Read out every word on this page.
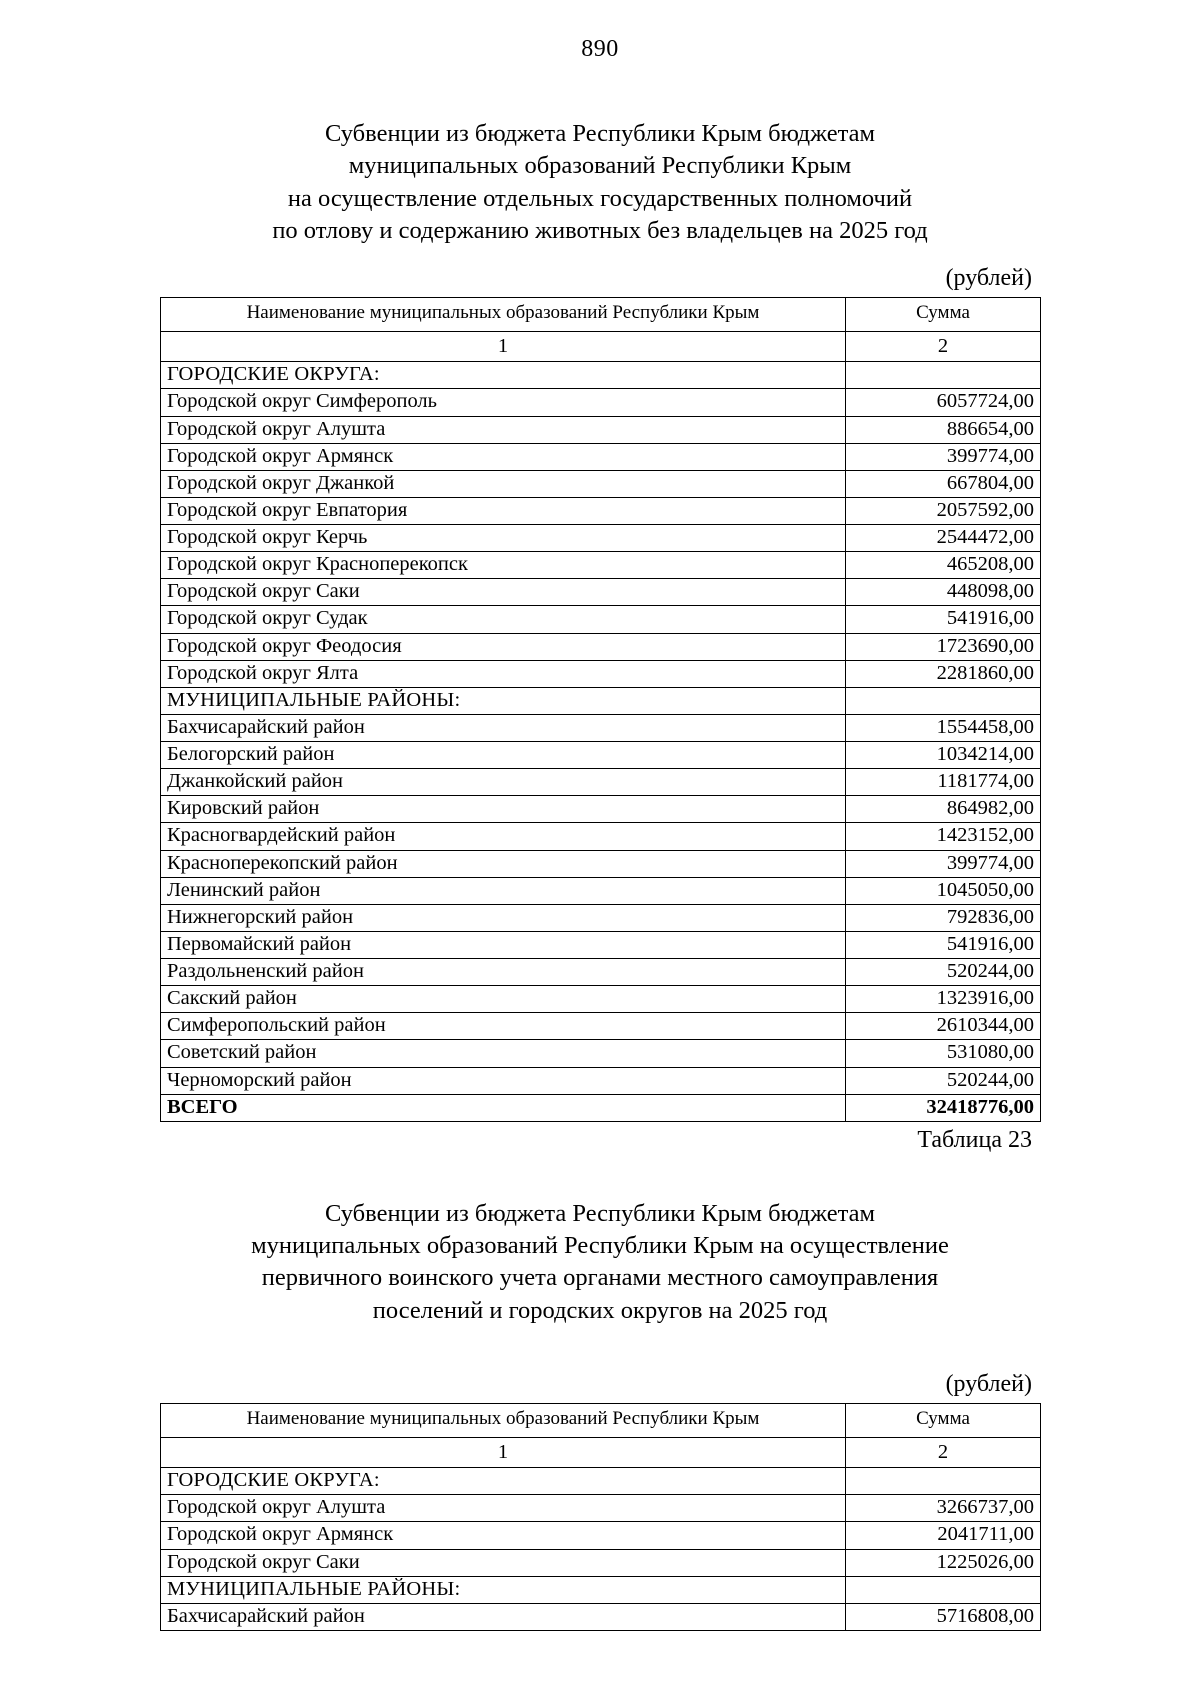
890
Субвенции из бюджета Республики Крым бюджетам
муниципальных образований Республики Крым
на осуществление отдельных государственных полномочий
по отлову и содержанию животных без владельцев на 2025 год
(рублей)
Наименование муниципальных образований Республики Крым	Сумма
1	2
ГОРОДСКИЕ ОКРУГА:	
Городской округ Симферополь	6057724,00
Городской округ Алушта	886654,00
Городской округ Армянск	399774,00
Городской округ Джанкой	667804,00
Городской округ Евпатория	2057592,00
Городской округ Керчь	2544472,00
Городской округ Красноперекопск	465208,00
Городской округ Саки	448098,00
Городской округ Судак	541916,00
Городской округ Феодосия	1723690,00
Городской округ Ялта	2281860,00
МУНИЦИПАЛЬНЫЕ РАЙОНЫ:	
Бахчисарайский район	1554458,00
Белогорский район	1034214,00
Джанкойский район	1181774,00
Кировский район	864982,00
Красногвардейский район	1423152,00
Красноперекопский район	399774,00
Ленинский район	1045050,00
Нижнегорский район	792836,00
Первомайский район	541916,00
Раздольненский район	520244,00
Сакский район	1323916,00
Симферопольский район	2610344,00
Советский район	531080,00
Черноморский район	520244,00
ВСЕГО	32418776,00
Таблица 23
Субвенции из бюджета Республики Крым бюджетам
муниципальных образований Республики Крым на осуществление
первичного воинского учета органами местного самоуправления
поселений и городских округов на 2025 год
(рублей)
Наименование муниципальных образований Республики Крым	Сумма
1	2
ГОРОДСКИЕ ОКРУГА:	
Городской округ Алушта	3266737,00
Городской округ Армянск	2041711,00
Городской округ Саки	1225026,00
МУНИЦИПАЛЬНЫЕ РАЙОНЫ:	
Бахчисарайский район	5716808,00
